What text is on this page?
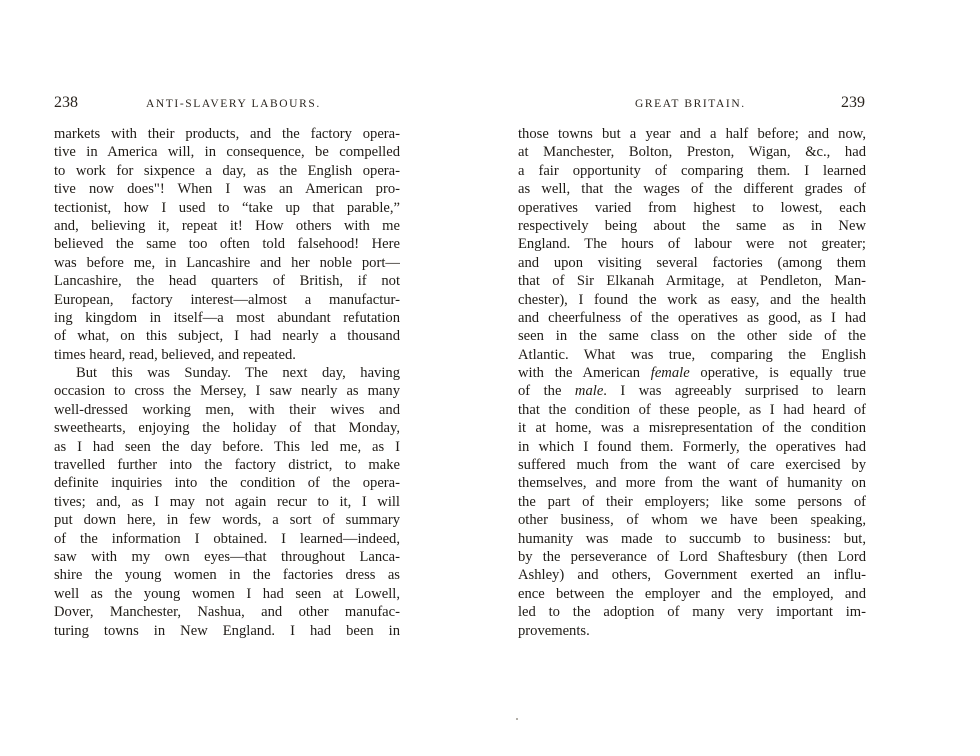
238	ANTI-SLAVERY LABOURS.
markets with their products, and the factory opera-
tive in America will, in consequence, be compelled
to work for sixpence a day, as the English opera-
tive now does"! When I was an American pro-
tectionist, how I used to “take up that parable,”
and, believing it, repeat it! How others with me
believed the same too often told falsehood! Here
was before me, in Lancashire and her noble port—
Lancashire, the head quarters of British, if not
European, factory interest—almost a manufactur-
ing kingdom in itself—a most abundant refutation
of what, on this subject, I had nearly a thousand
times heard, read, believed, and repeated.
But this was Sunday. The next day, having
occasion to cross the Mersey, I saw nearly as many
well-dressed working men, with their wives and
sweethearts, enjoying the holiday of that Monday,
as I had seen the day before. This led me, as I
travelled further into the factory district, to make
definite inquiries into the condition of the opera-
tives; and, as I may not again recur to it, I will
put down here, in few words, a sort of summary
of the information I obtained. I learned—indeed,
saw with my own eyes—that throughout Lanca-
shire the young women in the factories dress as
well as the young women I had seen at Lowell,
Dover, Manchester, Nashua, and other manufac-
turing towns in New England. I had been in
GREAT BRITAIN.	239
those towns but a year and a half before; and now,
at Manchester, Bolton, Preston, Wigan, &c., had
a fair opportunity of comparing them. I learned
as well, that the wages of the different grades of
operatives varied from highest to lowest, each
respectively being about the same as in New
England. The hours of labour were not greater;
and upon visiting several factories (among them
that of Sir Elkanah Armitage, at Pendleton, Man-
chester), I found the work as easy, and the health
and cheerfulness of the operatives as good, as I had
seen in the same class on the other side of the
Atlantic. What was true, comparing the English
with the American female operative, is equally true
of the male. I was agreeably surprised to learn
that the condition of these people, as I had heard of
it at home, was a misrepresentation of the condition
in which I found them. Formerly, the operatives had
suffered much from the want of care exercised by
themselves, and more from the want of humanity on
the part of their employers; like some persons of
other business, of whom we have been speaking,
humanity was made to succumb to business: but,
by the perseverance of Lord Shaftesbury (then Lord
Ashley) and others, Government exerted an influ-
ence between the employer and the employed, and
led to the adoption of many very important im-
provements.
